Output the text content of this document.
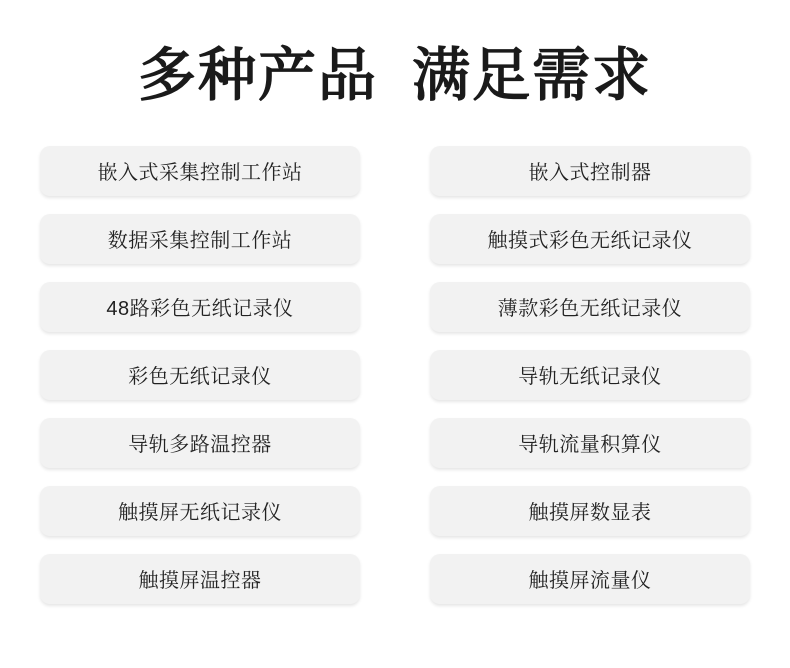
多种产品 满足需求
嵌入式采集控制工作站
数据采集控制工作站
48路彩色无纸记录仪
彩色无纸记录仪
导轨多路温控器
触摸屏无纸记录仪
触摸屏温控器
嵌入式控制器
触摸式彩色无纸记录仪
薄款彩色无纸记录仪
导轨无纸记录仪
导轨流量积算仪
触摸屏数显表
触摸屏流量仪
